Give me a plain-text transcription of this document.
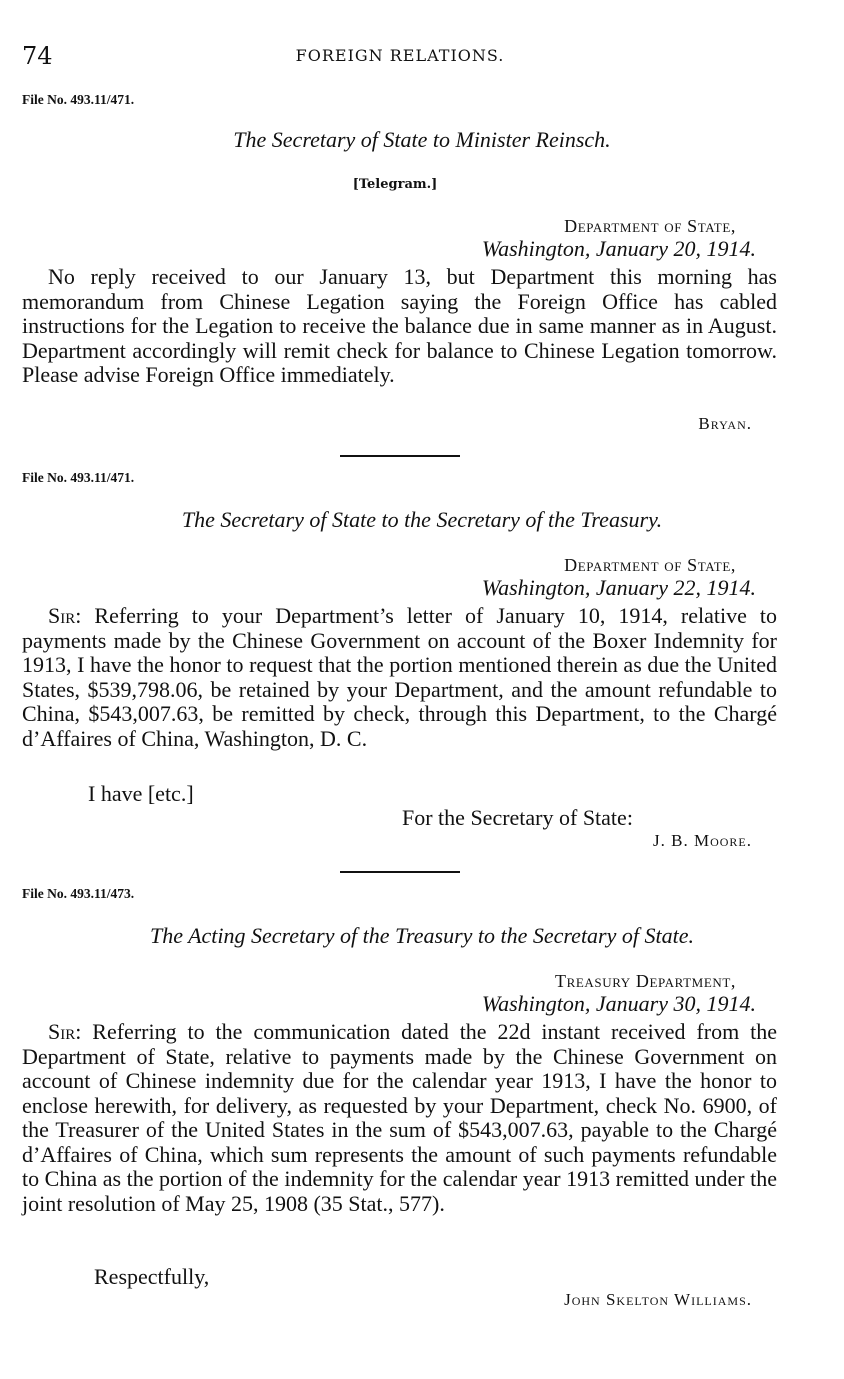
74	FOREIGN RELATIONS.
File No. 493.11/471.
The Secretary of State to Minister Reinsch.
[Telegram.]
Department of State,
Washington, January 20, 1914.
No reply received to our January 13, but Department this morning has memorandum from Chinese Legation saying the Foreign Office has cabled instructions for the Legation to receive the balance due in same manner as in August. Department accordingly will remit check for balance to Chinese Legation tomorrow. Please advise Foreign Office immediately.
Bryan.
File No. 493.11/471.
The Secretary of State to the Secretary of the Treasury.
Department of State,
Washington, January 22, 1914.
Sir: Referring to your Department’s letter of January 10, 1914, relative to payments made by the Chinese Government on account of the Boxer Indemnity for 1913, I have the honor to request that the portion mentioned therein as due the United States, $539,798.06, be retained by your Department, and the amount refundable to China, $543,007.63, be remitted by check, through this Department, to the Chargé d’Affaires of China, Washington, D. C.
I have [etc.]
For the Secretary of State:
J. B. Moore.
File No. 493.11/473.
The Acting Secretary of the Treasury to the Secretary of State.
Treasury Department,
Washington, January 30, 1914.
Sir: Referring to the communication dated the 22d instant received from the Department of State, relative to payments made by the Chinese Government on account of Chinese indemnity due for the calendar year 1913, I have the honor to enclose herewith, for delivery, as requested by your Department, check No. 6900, of the Treasurer of the United States in the sum of $543,007.63, payable to the Chargé d’Affaires of China, which sum represents the amount of such payments refundable to China as the portion of the indemnity for the calendar year 1913 remitted under the joint resolution of May 25, 1908 (35 Stat., 577).
Respectfully,
John Skelton Williams.
